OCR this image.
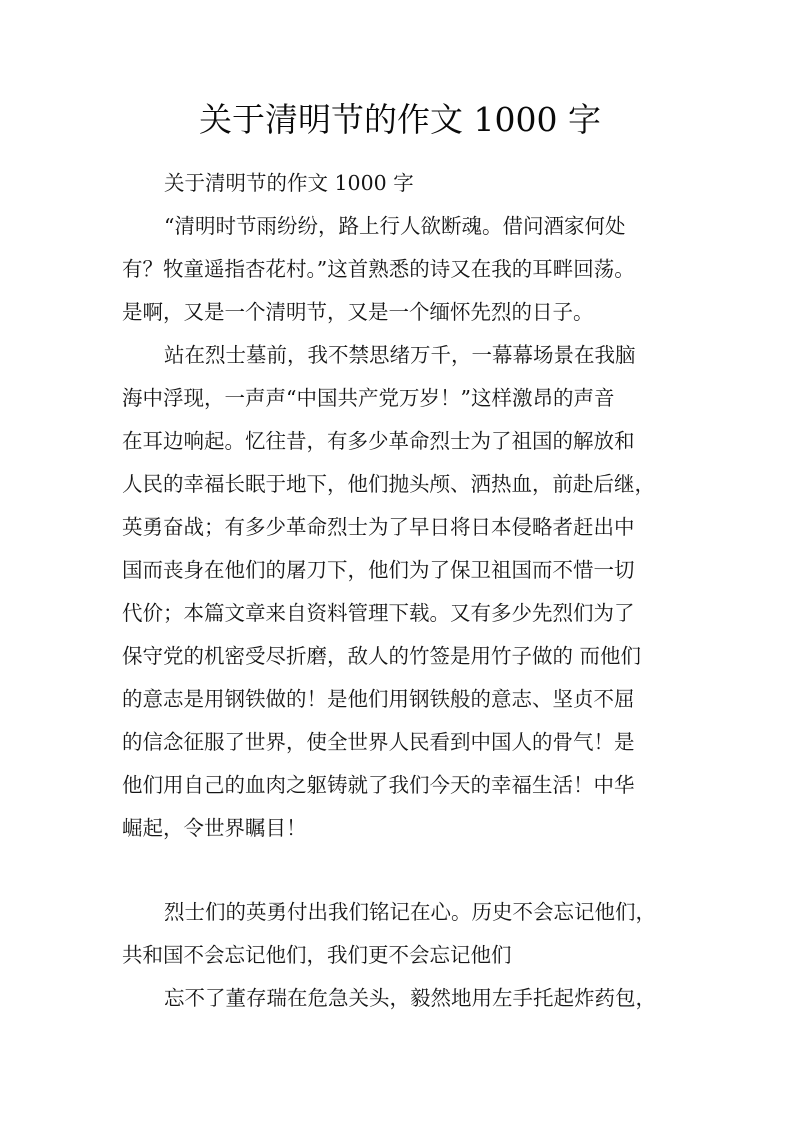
关于清明节的作文 1000 字
关于清明节的作文 1000 字
“清明时节雨纷纷，路上行人欲断魂。借问酒家何处
有？牧童遥指杏花村。”这首熟悉的诗又在我的耳畔回荡。
是啊，又是一个清明节，又是一个缅怀先烈的日子。
站在烈士墓前，我不禁思绪万千，一幕幕场景在我脑
海中浮现，一声声“中国共产党万岁！”这样激昂的声音
在耳边响起。忆往昔，有多少革命烈士为了祖国的解放和
人民的幸福长眠于地下，他们抛头颅、洒热血，前赴后继，
英勇奋战；有多少革命烈士为了早日将日本侵略者赶出中
国而丧身在他们的屠刀下，他们为了保卫祖国而不惜一切
代价；本篇文章来自资料管理下载。又有多少先烈们为了
保守党的机密受尽折磨，敌人的竹签是用竹子做的 而他们
的意志是用钢铁做的！是他们用钢铁般的意志、坚贞不屈
的信念征服了世界，使全世界人民看到中国人的骨气！是
他们用自己的血肉之躯铸就了我们今天的幸福生活！中华
崛起，令世界瞩目！
烈士们的英勇付出我们铭记在心。历史不会忘记他们，
共和国不会忘记他们，我们更不会忘记他们
忘不了董存瑞在危急关头，毅然地用左手托起炸药包，
